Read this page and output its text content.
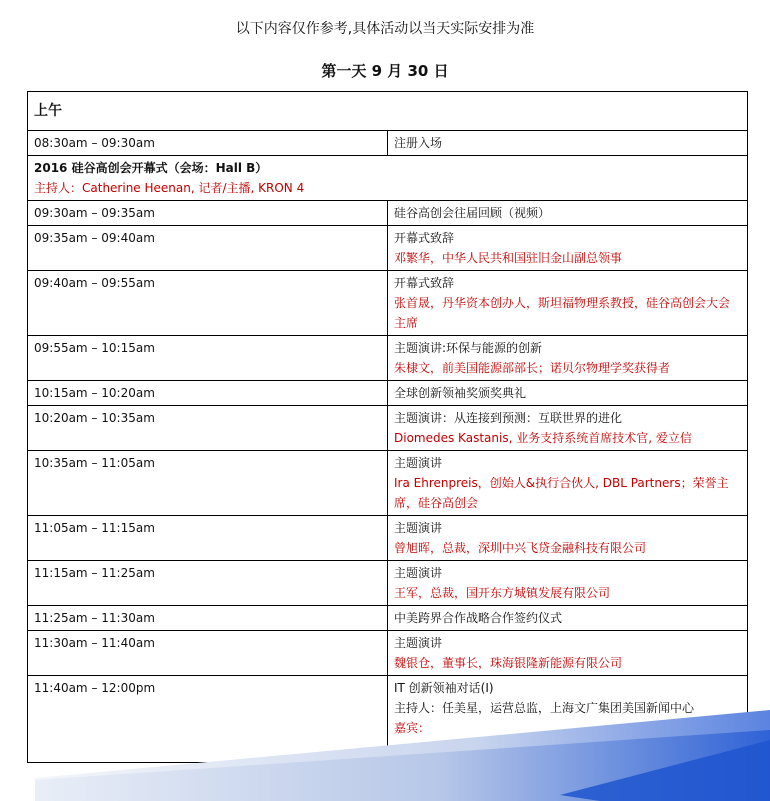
以下内容仅作参考,具体活动以当天实际安排为准
第一天 9 月 30 日
上午	
08:30am – 09:30am	注册入场

2016 硅谷高创会开幕式（会场：Hall B）
主持人：Catherine Heenan, 记者/主播, KRON 4	

09:30am – 09:35am	硅谷高创会往届回顾（视频）

09:35am – 09:40am	开幕式致辞
邓繁华，中华人民共和国驻旧金山副总领事

09:40am – 09:55am	开幕式致辞
张首晟，丹华资本创办人，斯坦福物理系教授，硅谷高创会大会主席

09:55am – 10:15am	主题演讲:环保与能源的创新
朱棣文，前美国能源部部长；诺贝尔物理学奖获得者

10:15am – 10:20am	全球创新领袖奖颁奖典礼

10:20am – 10:35am	主题演讲：从连接到预测：互联世界的进化
Diomedes Kastanis, 业务支持系统首席技术官, 爱立信

10:35am – 11:05am	主题演讲
Ira Ehrenpreis，创始人&执行合伙人, DBL Partners；荣誉主席，硅谷高创会

11:05am – 11:15am	主题演讲
曾旭晖，总裁，深圳中兴飞贷金融科技有限公司

11:15am – 11:25am	主题演讲
王军，总裁，国开东方城镇发展有限公司

11:25am – 11:30am	中美跨界合作战略合作签约仪式

11:30am – 11:40am	主题演讲
魏银仓，董事长，珠海银隆新能源有限公司

11:40am – 12:00pm	IT 创新领袖对话(I)
主持人：任美星，运营总监，上海文广集团美国新闻中心
嘉宾：
